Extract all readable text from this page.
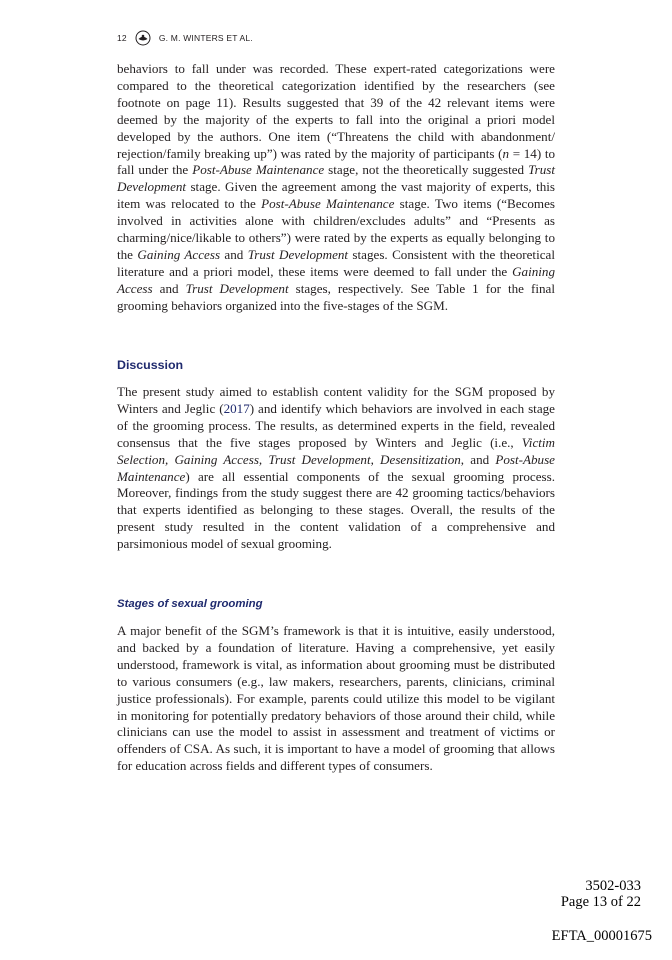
12	G. M. WINTERS ET AL.

behaviors to fall under was recorded. These expert-rated categorizations were compared to the theoretical categorization identified by the researchers (see footnote on page 11). Results suggested that 39 of the 42 relevant items were deemed by the majority of the experts to fall into the original a priori model developed by the authors. One item (“Threatens the child with abandonment/ rejection/family breaking up”) was rated by the majority of participants (n = 14) to fall under the Post-Abuse Maintenance stage, not the theoretically suggested Trust Development stage. Given the agreement among the vast majority of experts, this item was relocated to the Post-Abuse Maintenance stage. Two items (“Becomes involved in activities alone with children/excludes adults” and “Presents as charming/nice/likable to others”) were rated by the experts as equally belonging to the Gaining Access and Trust Development stages. Consistent with the theoretical literature and a priori model, these items were deemed to fall under the Gaining Access and Trust Development stages, respectively. See Table 1 for the final grooming behaviors organized into the five-stages of the SGM.

Discussion

The present study aimed to establish content validity for the SGM proposed by Winters and Jeglic (2017) and identify which behaviors are involved in each stage of the grooming process. The results, as determined experts in the field, revealed consensus that the five stages proposed by Winters and Jeglic (i.e., Victim Selection, Gaining Access, Trust Development, Desensitization, and Post-Abuse Maintenance) are all essential components of the sexual grooming process. Moreover, findings from the study suggest there are 42 grooming tactics/behaviors that experts identified as belonging to these stages. Overall, the results of the present study resulted in the content validation of a comprehensive and parsimonious model of sexual grooming.

Stages of sexual grooming

A major benefit of the SGM’s framework is that it is intuitive, easily understood, and backed by a foundation of literature. Having a comprehensive, yet easily understood, framework is vital, as information about grooming must be distributed to various consumers (e.g., law makers, researchers, parents, clinicians, criminal justice professionals). For example, parents could utilize this model to be vigilant in monitoring for potentially predatory behaviors of those around their child, while clinicians can use the model to assist in assessment and treatment of victims or offenders of CSA. As such, it is important to have a model of grooming that allows for education across fields and different types of consumers.

3502-033
Page 13 of 22
EFTA_00001675
